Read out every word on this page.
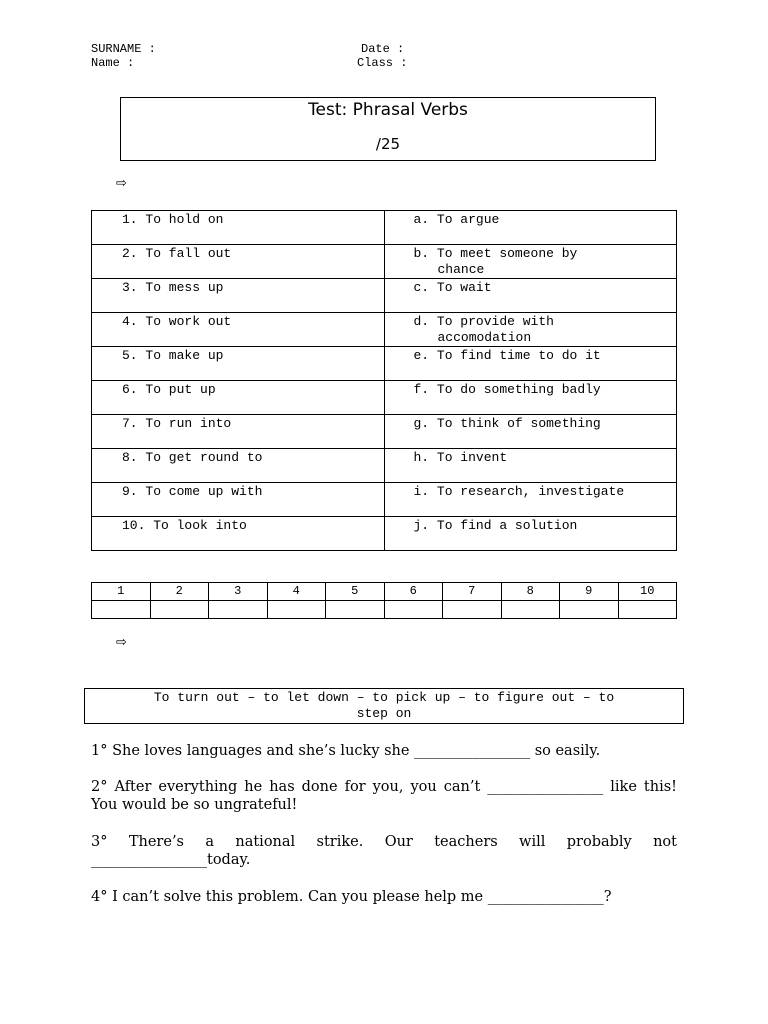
SURNAME :
Name :
Date :
Class :
Test: Phrasal Verbs
/25
⇨
1. To hold on	a. To argue

2. To fall out	b. To meet someone by
chance

3. To mess up	c. To wait

4. To work out	d. To provide with
accomodation

5. To make up	e. To find time to do it

6. To put up	f. To do something badly

7. To run into	g. To think of something

8. To get round to	h. To invent

9. To come up with	i. To research, investigate

10. To look into	j. To find a solution
1	2	3	4	5	6	7	8	9	10

⇨
To turn out – to let down – to pick up – to figure out – to
step on
1° She loves languages and she’s lucky she ________________ so easily.
2° After everything he has done for you, you can’t ________________ like this! You would be so ungrateful!
3° There’s a national strike. Our teachers will probably not ________________today.
4° I can’t solve this problem. Can you please help me ________________?
